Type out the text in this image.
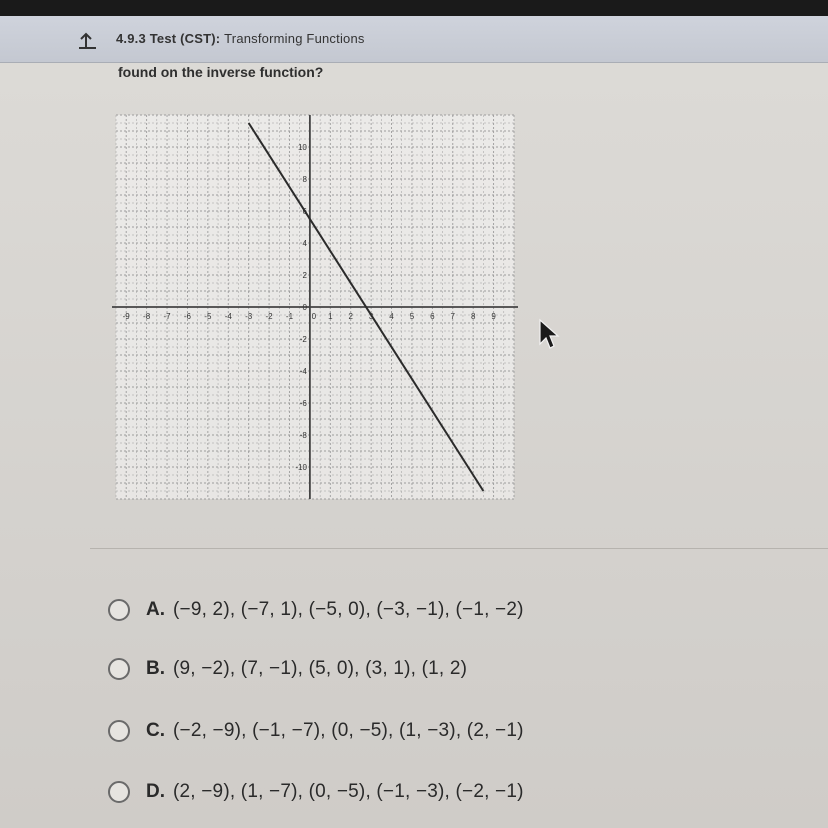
4.9.3 Test (CST): Transforming Functions
found on the inverse function?
-9 -8 -7 -6 -5 -4 -3 -2 -1 0 1 2 3 4 5 6 7 8 9
10
8
6
4
2
0
-2
-4
-6
-8
-10
A. (−9, 2), (−7, 1), (−5, 0), (−3, −1), (−1, −2)
B. (9, −2), (7, −1), (5, 0), (3, 1), (1, 2)
C. (−2, −9), (−1, −7), (0, −5), (1, −3), (2, −1)
D. (2, −9), (1, −7), (0, −5), (−1, −3), (−2, −1)
